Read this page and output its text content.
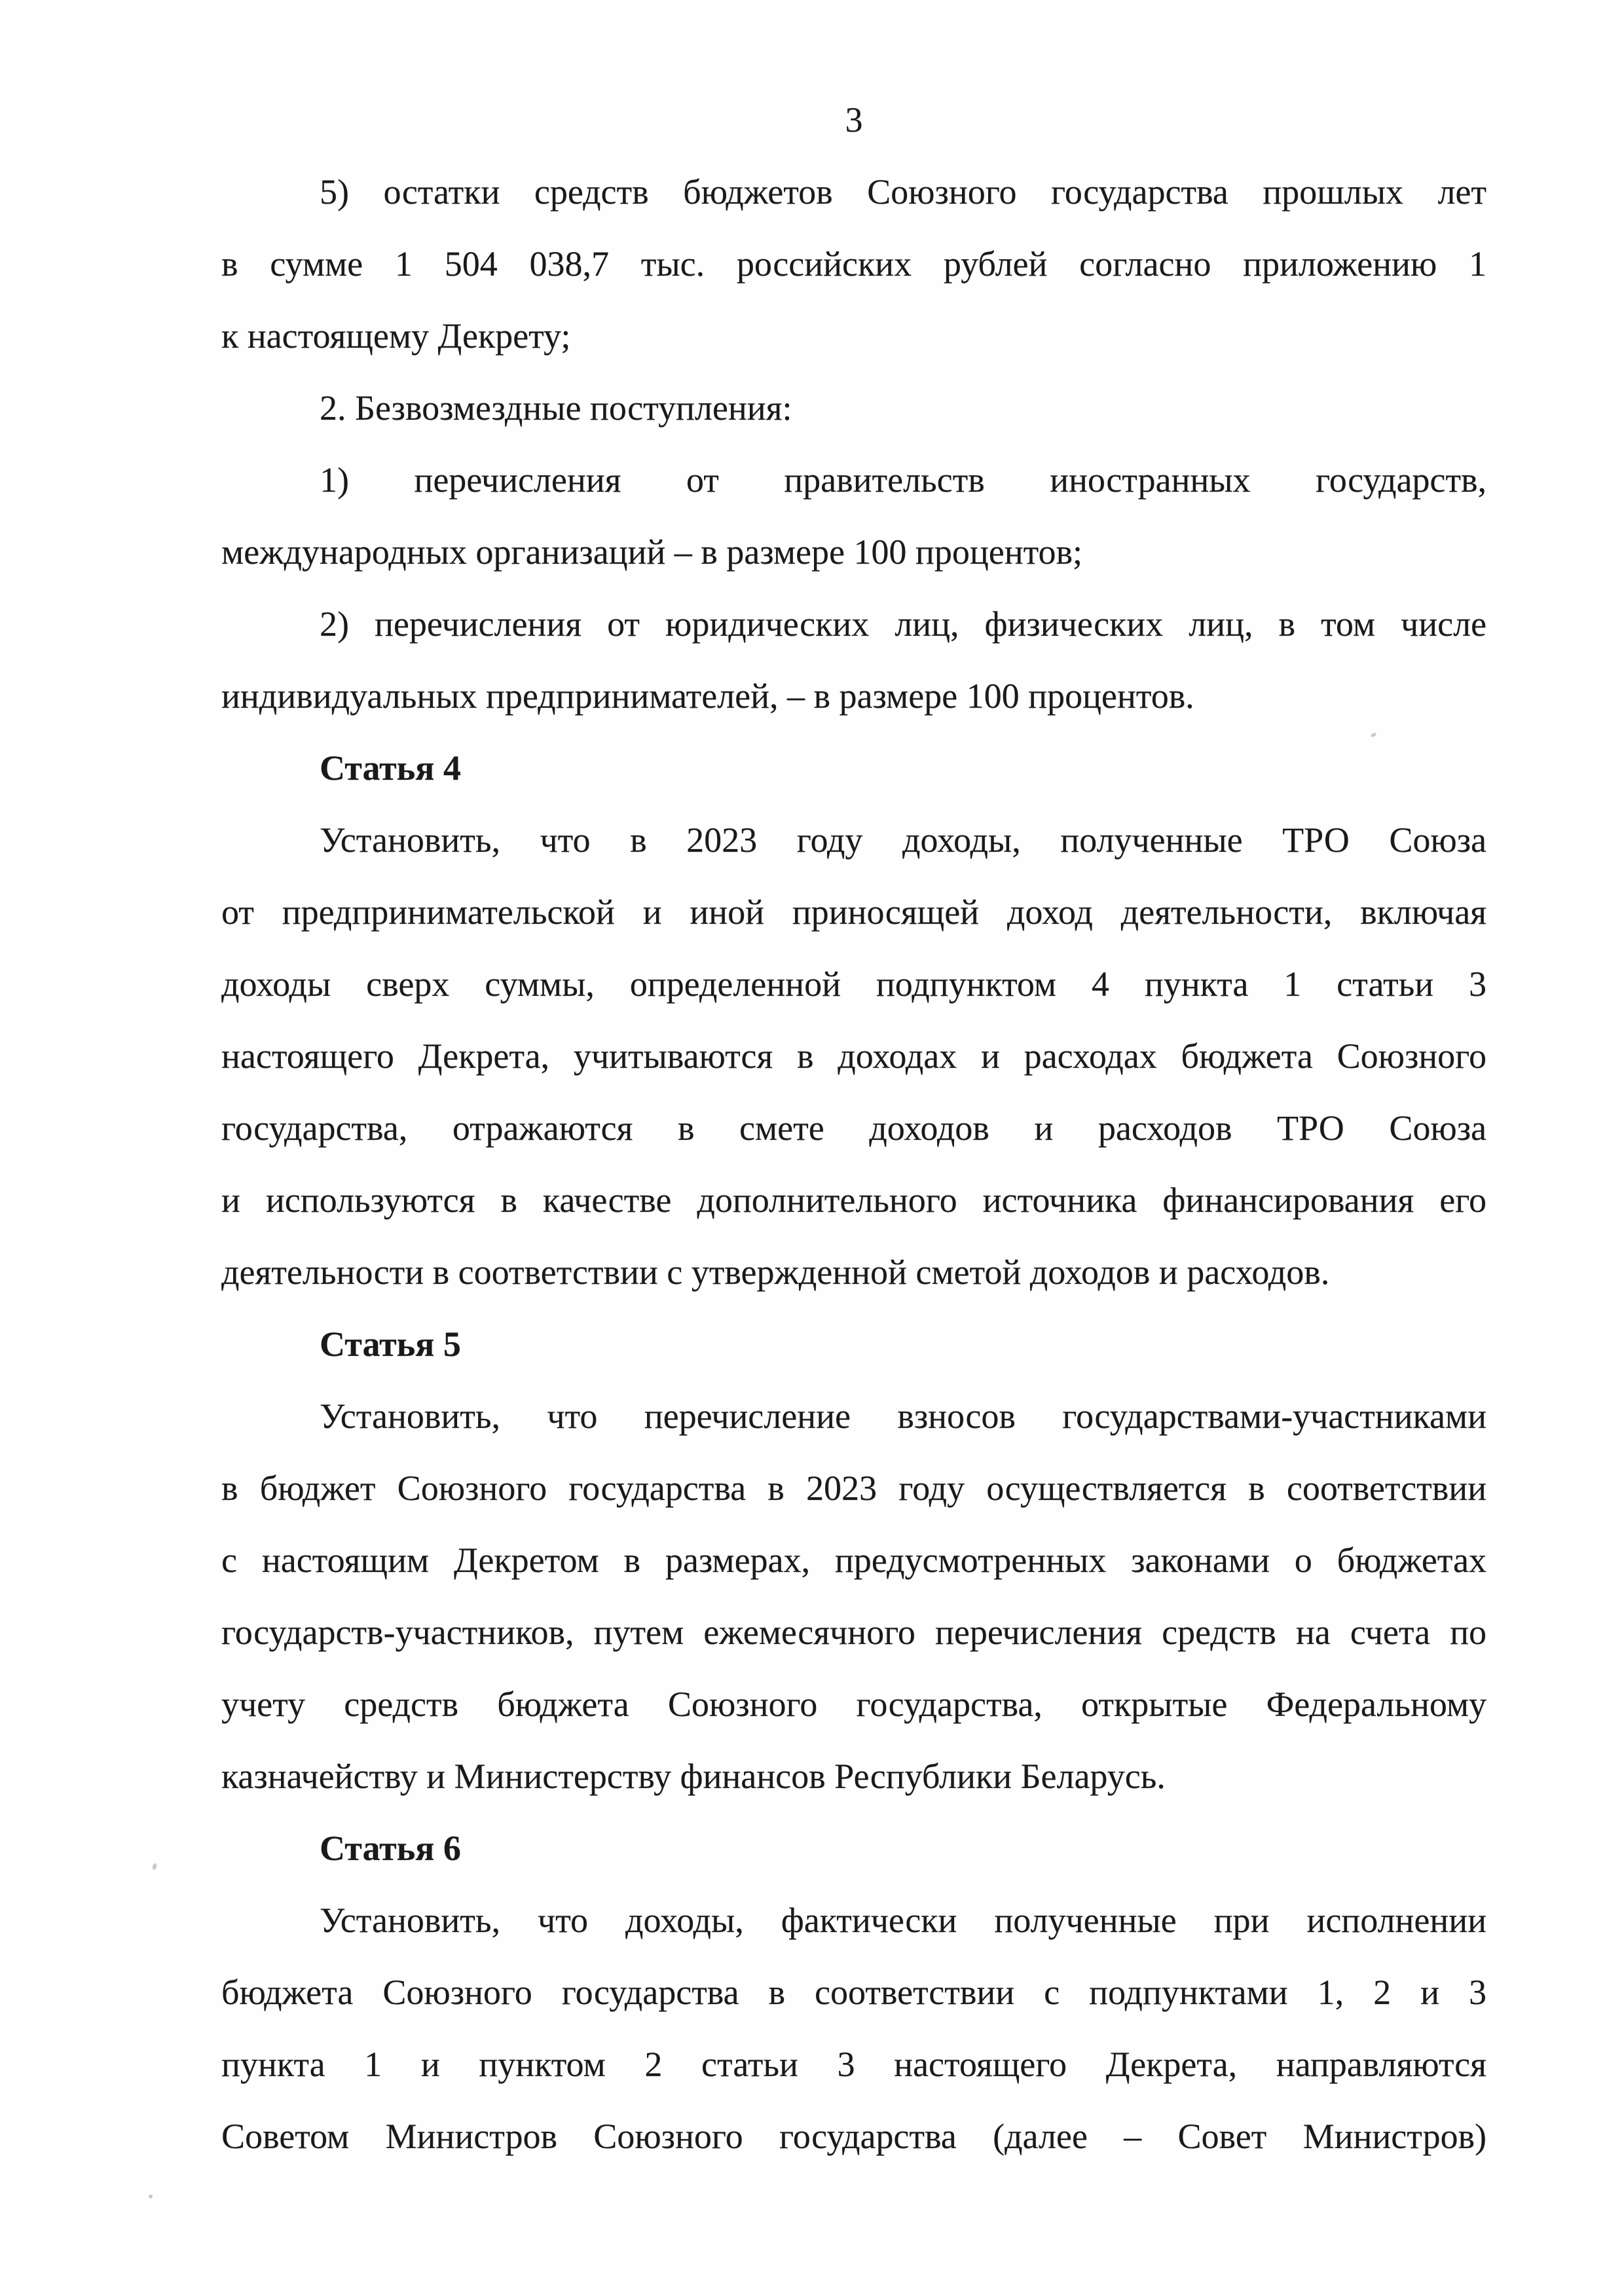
3
5) остатки средств бюджетов Союзного государства прошлых лет
в сумме 1 504 038,7 тыс. российских рублей согласно приложению 1
к настоящему Декрету;
2. Безвозмездные поступления:
1) перечисления от правительств иностранных государств,
международных организаций – в размере 100 процентов;
2) перечисления от юридических лиц, физических лиц, в том числе
индивидуальных предпринимателей, – в размере 100 процентов.
Статья 4
Установить, что в 2023 году доходы, полученные ТРО Союза
от предпринимательской и иной приносящей доход деятельности, включая
доходы сверх суммы, определенной подпунктом 4 пункта 1 статьи 3
настоящего Декрета, учитываются в доходах и расходах бюджета Союзного
государства, отражаются в смете доходов и расходов ТРО Союза
и используются в качестве дополнительного источника финансирования его
деятельности в соответствии с утвержденной сметой доходов и расходов.
Статья 5
Установить, что перечисление взносов государствами-участниками
в бюджет Союзного государства в 2023 году осуществляется в соответствии
с настоящим Декретом в размерах, предусмотренных законами о бюджетах
государств-участников, путем ежемесячного перечисления средств на счета по
учету средств бюджета Союзного государства, открытые Федеральному
казначейству и Министерству финансов Республики Беларусь.
Статья 6
Установить, что доходы, фактически полученные при исполнении
бюджета Союзного государства в соответствии с подпунктами 1, 2 и 3
пункта 1 и пунктом 2 статьи 3 настоящего Декрета, направляются
Советом Министров Союзного государства (далее – Совет Министров)
